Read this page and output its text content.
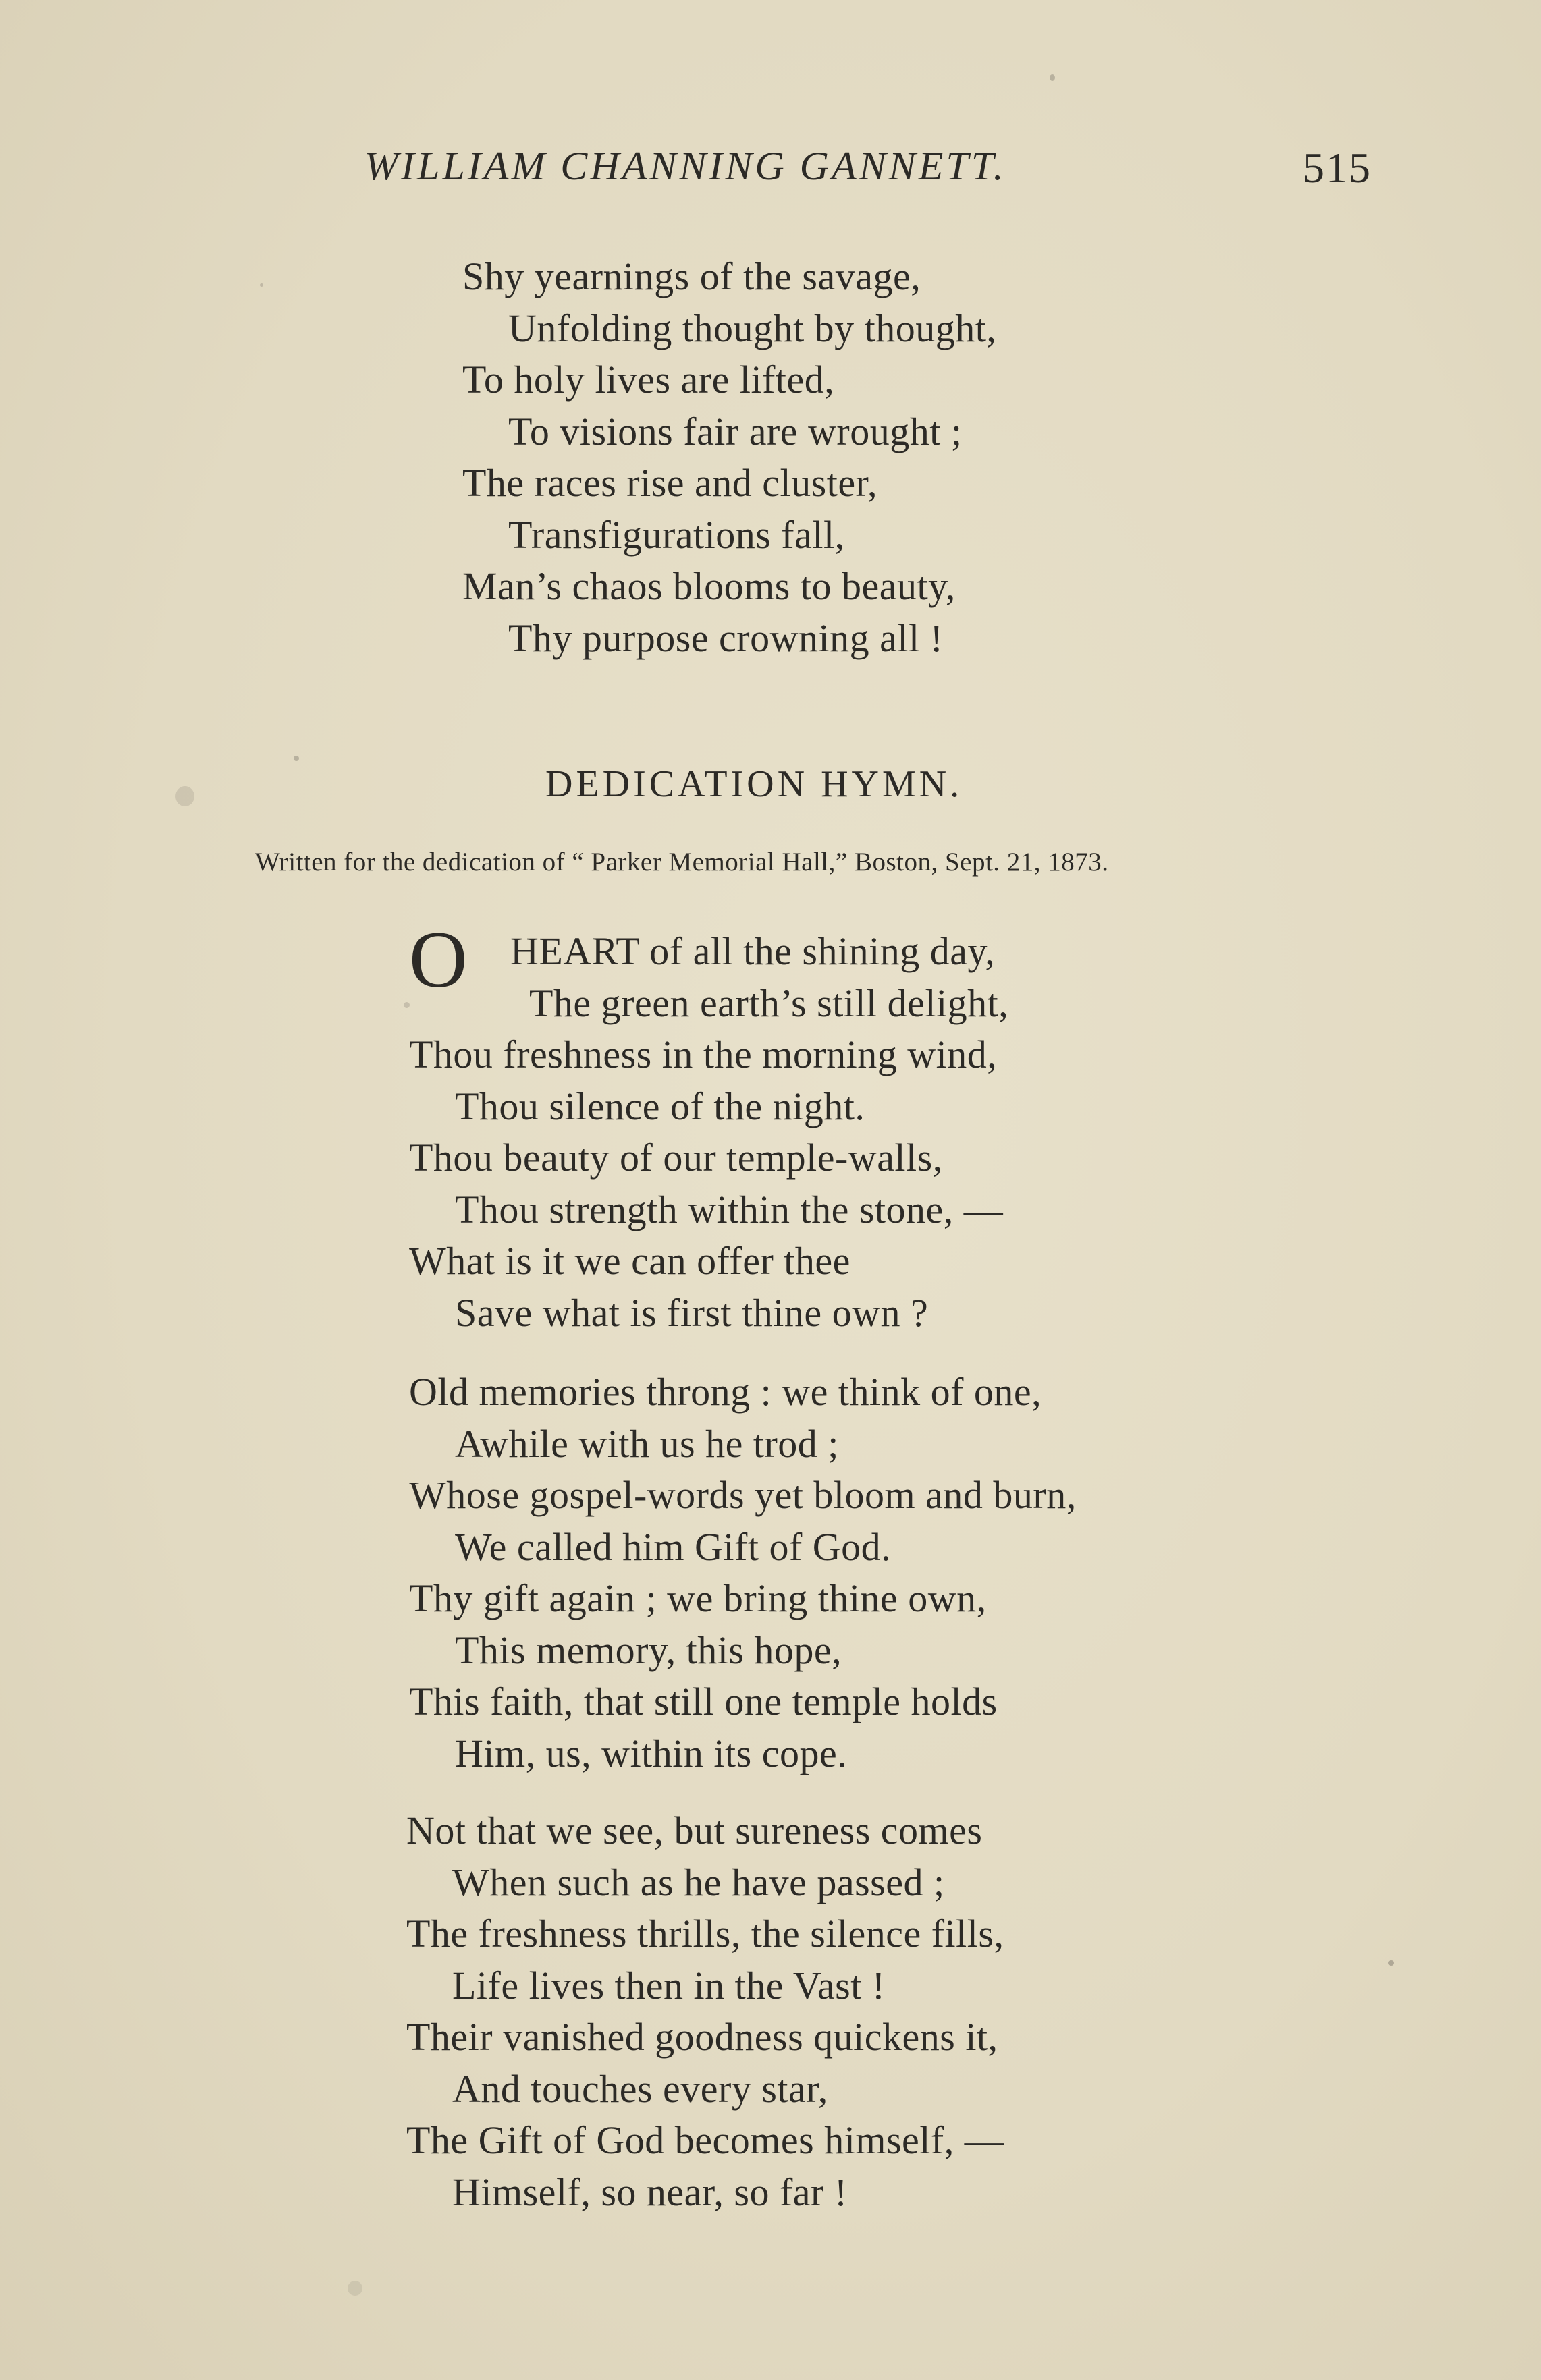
WILLIAM CHANNING GANNETT.	515
Shy yearnings of the savage,
Unfolding thought by thought,
To holy lives are lifted,
To visions fair are wrought ;
The races rise and cluster,
Transfigurations fall,
Man’s chaos blooms to beauty,
Thy purpose crowning all !
DEDICATION HYMN.
Written for the dedication of “ Parker Memorial Hall,” Boston, Sept. 21, 1873.
O	HEART of all the shining day,
The green earth’s still delight,
Thou freshness in the morning wind,
Thou silence of the night.
Thou beauty of our temple-walls,
Thou strength within the stone, —
What is it we can offer thee
Save what is first thine own ?
Old memories throng : we think of one,
Awhile with us he trod ;
Whose gospel-words yet bloom and burn,
We called him Gift of God.
Thy gift again ; we bring thine own,
This memory, this hope,
This faith, that still one temple holds
Him, us, within its cope.
Not that we see, but sureness comes
When such as he have passed ;
The freshness thrills, the silence fills,
Life lives then in the Vast !
Their vanished goodness quickens it,
And touches every star,
The Gift of God becomes himself, —
Himself, so near, so far !
